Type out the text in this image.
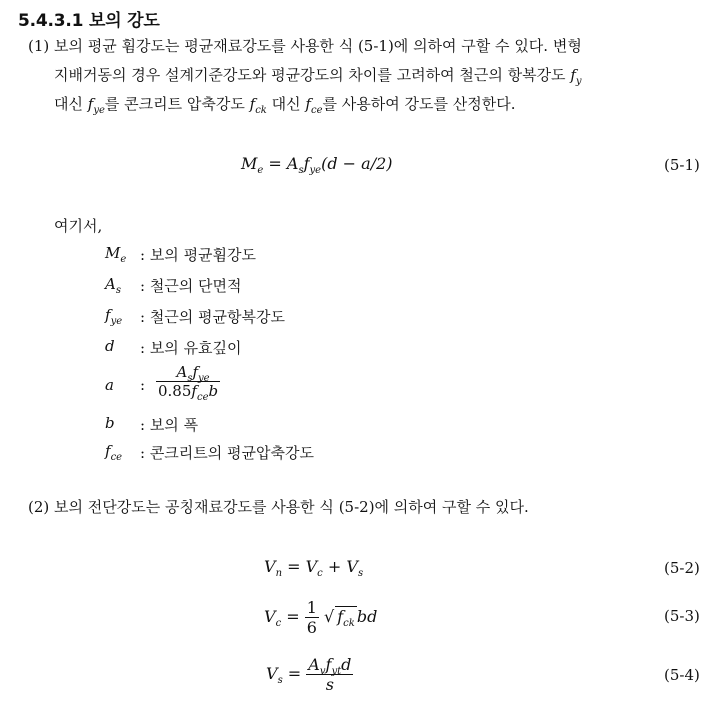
5.4.3.1 보의 강도
(1) 보의 평균 휨강도는 평균재료강도를 사용한 식 (5-1)에 의하여 구할 수 있다. 변형
지배거동의 경우 설계기준강도와 평균강도의 차이를 고려하여 철근의 항복강도 $f_y$
대신 $f_{ye}$를 콘크리트 압축강도 $f_{ck}$ 대신 $f_{ce}$를 사용하여 강도를 산정한다.
$M_e = A_sf_{ye}(d - a/2)$	(5-1)
여기서,
$M_e$ : 보의 평균휨강도
$A_s$ : 철근의 단면적
$f_{ye}$ : 철근의 평균항복강도
d : 보의 유효깊이
a : $\frac{A_sf_{ye}}{0.85f_{ce}b}$
b : 보의 폭
$f_{ce}$ : 콘크리트의 평균압축강도
(2) 보의 전단강도는 공칭재료강도를 사용한 식 (5-2)에 의하여 구할 수 있다.
$V_n = V_c + V_s$	(5-2)
$V_c = \frac{1}{6}$ √ $f_{ck}$ bd	(5-3)
$V_s = \frac{A_vf_{yt}d}{s}$	(5-4)
